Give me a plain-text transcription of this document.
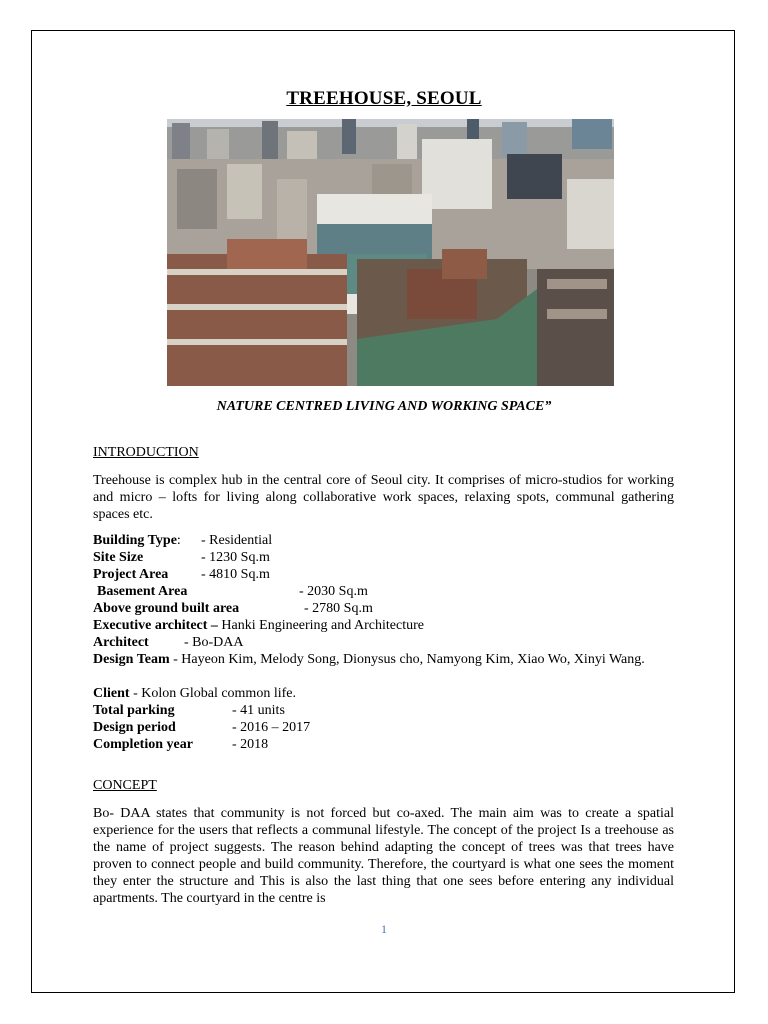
TREEHOUSE, SEOUL
NATURE CENTRED LIVING AND WORKING SPACE”
INTRODUCTION
Treehouse is complex hub in the central core of Seoul city. It comprises of micro-studios for working and micro – lofts for living along collaborative work spaces, relaxing spots, communal gathering spaces etc.
Building Type: - Residential
Site Size	- 1230 Sq.m
Project Area - 4810 Sq.m
Basement Area	- 2030 Sq.m
Above ground built area	- 2780 Sq.m
Executive architect – Hanki Engineering and Architecture
Architect	- Bo-DAA
Design Team - Hayeon Kim, Melody Song, Dionysus cho, Namyong Kim, Xiao Wo, Xinyi Wang.
Client - Kolon Global common life.
Total parking	- 41 units
Design period	- 2016 – 2017
Completion year	- 2018
CONCEPT
Bo- DAA states that community is not forced but co-axed. The main aim was to create a spatial experience for the users that reflects a communal lifestyle. The concept of the project Is a treehouse as the name of project suggests. The reason behind adapting the concept of trees was that trees have proven to connect people and build community. Therefore, the courtyard is what one sees the moment they enter the structure and This is also the last thing that one sees before entering any individual apartments. The courtyard in the centre is
1
